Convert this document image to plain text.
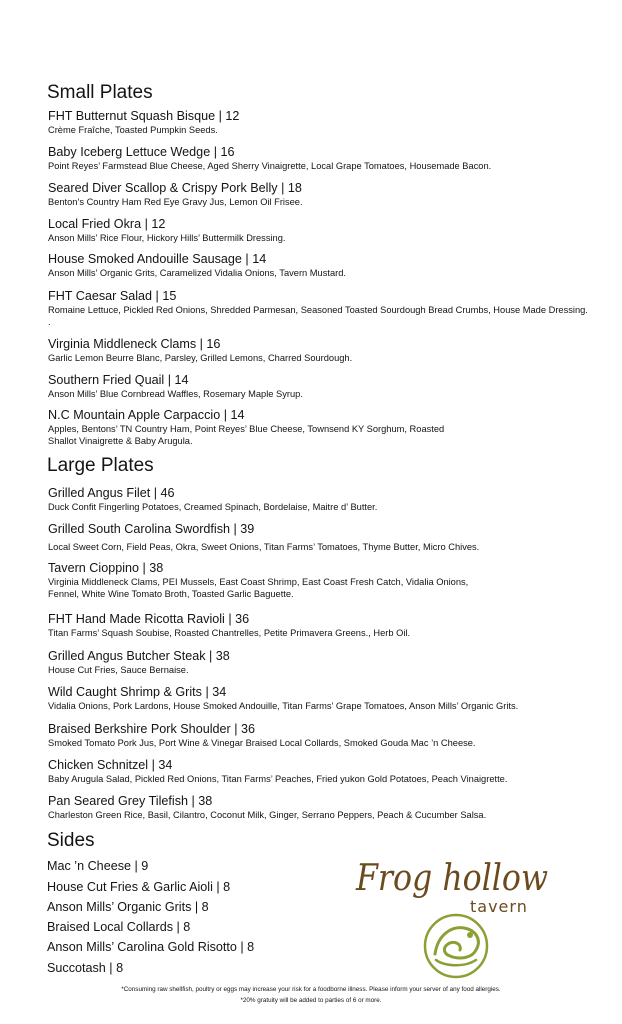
Small Plates
FHT Butternut Squash Bisque | 12
Crème Fraîche, Toasted Pumpkin Seeds.
Baby Iceberg Lettuce Wedge | 16
Point Reyes’ Farmstead Blue Cheese, Aged Sherry Vinaigrette, Local Grape Tomatoes, Housemade Bacon.
Seared Diver Scallop & Crispy Pork Belly | 18
Benton’s Country Ham Red Eye Gravy Jus, Lemon Oil Frisee.
Local Fried Okra | 12
Anson Mills’ Rice Flour, Hickory Hills’ Buttermilk Dressing.
House Smoked Andouille Sausage | 14
Anson Mills’ Organic Grits, Caramelized Vidalia Onions, Tavern Mustard.
FHT Caesar Salad | 15
Romaine Lettuce, Pickled Red Onions, Shredded Parmesan, Seasoned Toasted Sourdough Bread Crumbs, House Made Dressing. .
Virginia Middleneck Clams | 16
Garlic Lemon Beurre Blanc, Parsley, Grilled Lemons, Charred Sourdough.
Southern Fried Quail | 14
Anson Mills’ Blue Cornbread Waffles, Rosemary Maple Syrup.
N.C Mountain Apple Carpaccio | 14
Apples, Bentons’ TN Country Ham, Point Reyes’ Blue Cheese, Townsend KY Sorghum, Roasted Shallot Vinaigrette & Baby Arugula.
Large Plates
Grilled Angus Filet | 46
Duck Confit Fingerling Potatoes, Creamed Spinach, Bordelaise, Maitre d’ Butter.
Grilled South Carolina Swordfish | 39
Local Sweet Corn, Field Peas, Okra, Sweet Onions, Titan Farms’ Tomatoes, Thyme Butter, Micro Chives.
Tavern Cioppino | 38
Virginia Middleneck Clams, PEI Mussels, East Coast Shrimp, East Coast Fresh Catch, Vidalia Onions, Fennel, White Wine Tomato Broth, Toasted Garlic Baguette.
FHT Hand Made Ricotta Ravioli | 36
Titan Farms’ Squash Soubise, Roasted Chantrelles, Petite Primavera Greens., Herb Oil.
Grilled Angus Butcher Steak | 38
House Cut Fries, Sauce Bernaise.
Wild Caught Shrimp & Grits | 34
Vidalia Onions, Pork Lardons, House Smoked Andouille, Titan Farms’ Grape Tomatoes, Anson Mills’ Organic Grits.
Braised Berkshire Pork Shoulder | 36
Smoked Tomato Pork Jus, Port Wine & Vinegar Braised Local Collards, Smoked Gouda Mac ’n Cheese.
Chicken Schnitzel | 34
Baby Arugula Salad, Pickled Red Onions, Titan Farms’ Peaches, Fried yukon Gold Potatoes, Peach Vinaigrette.
Pan Seared Grey Tilefish | 38
Charleston Green Rice, Basil, Cilantro, Coconut Milk, Ginger, Serrano Peppers, Peach & Cucumber Salsa.
Sides
Mac ’n Cheese | 9
House Cut Fries & Garlic Aioli | 8
Anson Mills’ Organic Grits | 8
Braised Local Collards | 8
Anson Mills’ Carolina Gold Risotto | 8
Succotash | 8
Frog hollow
tavern
*Consuming raw shellfish, poultry or eggs may increase your risk for a foodborne illness. Please inform your server of any food allergies.
*20% gratuity will be added to parties of 6 or more.
